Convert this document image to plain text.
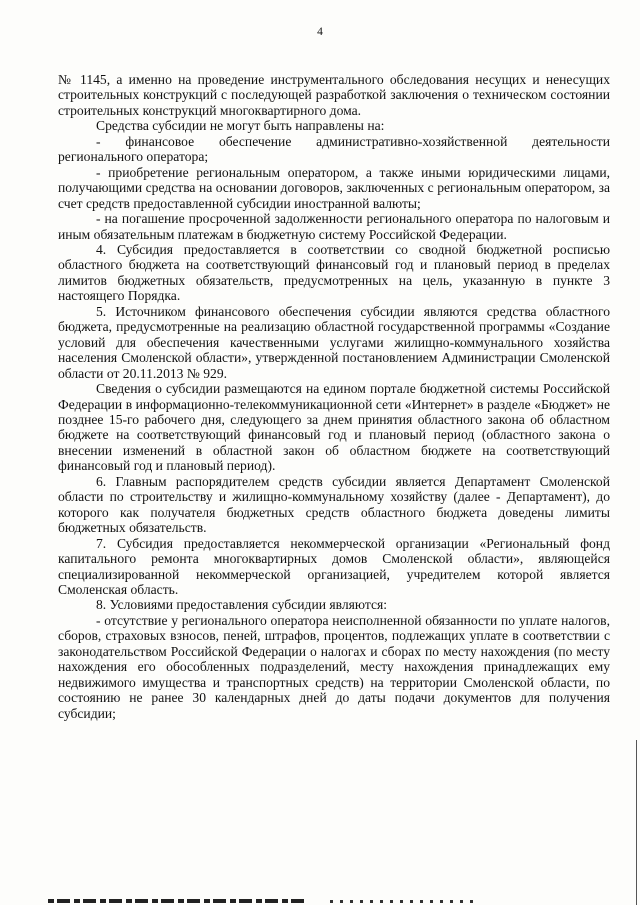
4

№ 1145, а именно на проведение инструментального обследования несущих и ненесущих строительных конструкций с последующей разработкой заключения о техническом состоянии строительных конструкций многоквартирного дома.

Средства субсидии не могут быть направлены на:

- финансовое обеспечение административно-хозяйственной деятельности регионального оператора;

- приобретение региональным оператором, а также иными юридическими лицами, получающими средства на основании договоров, заключенных с региональным оператором, за счет средств предоставленной субсидии иностранной валюты;

- на погашение просроченной задолженности регионального оператора по налоговым и иным обязательным платежам в бюджетную систему Российской Федерации.

4. Субсидия предоставляется в соответствии со сводной бюджетной росписью областного бюджета на соответствующий финансовый год и плановый период в пределах лимитов бюджетных обязательств, предусмотренных на цель, указанную в пункте 3 настоящего Порядка.

5. Источником финансового обеспечения субсидии являются средства областного бюджета, предусмотренные на реализацию областной государственной программы «Создание условий для обеспечения качественными услугами жилищно-коммунального хозяйства населения Смоленской области», утвержденной постановлением Администрации Смоленской области от 20.11.2013 № 929.

Сведения о субсидии размещаются на едином портале бюджетной системы Российской Федерации в информационно-телекоммуникационной сети «Интернет» в разделе «Бюджет» не позднее 15-го рабочего дня, следующего за днем принятия областного закона об областном бюджете на соответствующий финансовый год и плановый период (областного закона о внесении изменений в областной закон об областном бюджете на соответствующий финансовый год и плановый период).

6. Главным распорядителем средств субсидии является Департамент Смоленской области по строительству и жилищно-коммунальному хозяйству (далее - Департамент), до которого как получателя бюджетных средств областного бюджета доведены лимиты бюджетных обязательств.

7. Субсидия предоставляется некоммерческой организации «Региональный фонд капитального ремонта многоквартирных домов Смоленской области», являющейся специализированной некоммерческой организацией, учредителем которой является Смоленская область.

8. Условиями предоставления субсидии являются:

- отсутствие у регионального оператора неисполненной обязанности по уплате налогов, сборов, страховых взносов, пеней, штрафов, процентов, подлежащих уплате в соответствии с законодательством Российской Федерации о налогах и сборах по месту нахождения (по месту нахождения его обособленных подразделений, месту нахождения принадлежащих ему недвижимого имущества и транспортных средств) на территории Смоленской области, по состоянию не ранее 30 календарных дней до даты подачи документов для получения субсидии;
